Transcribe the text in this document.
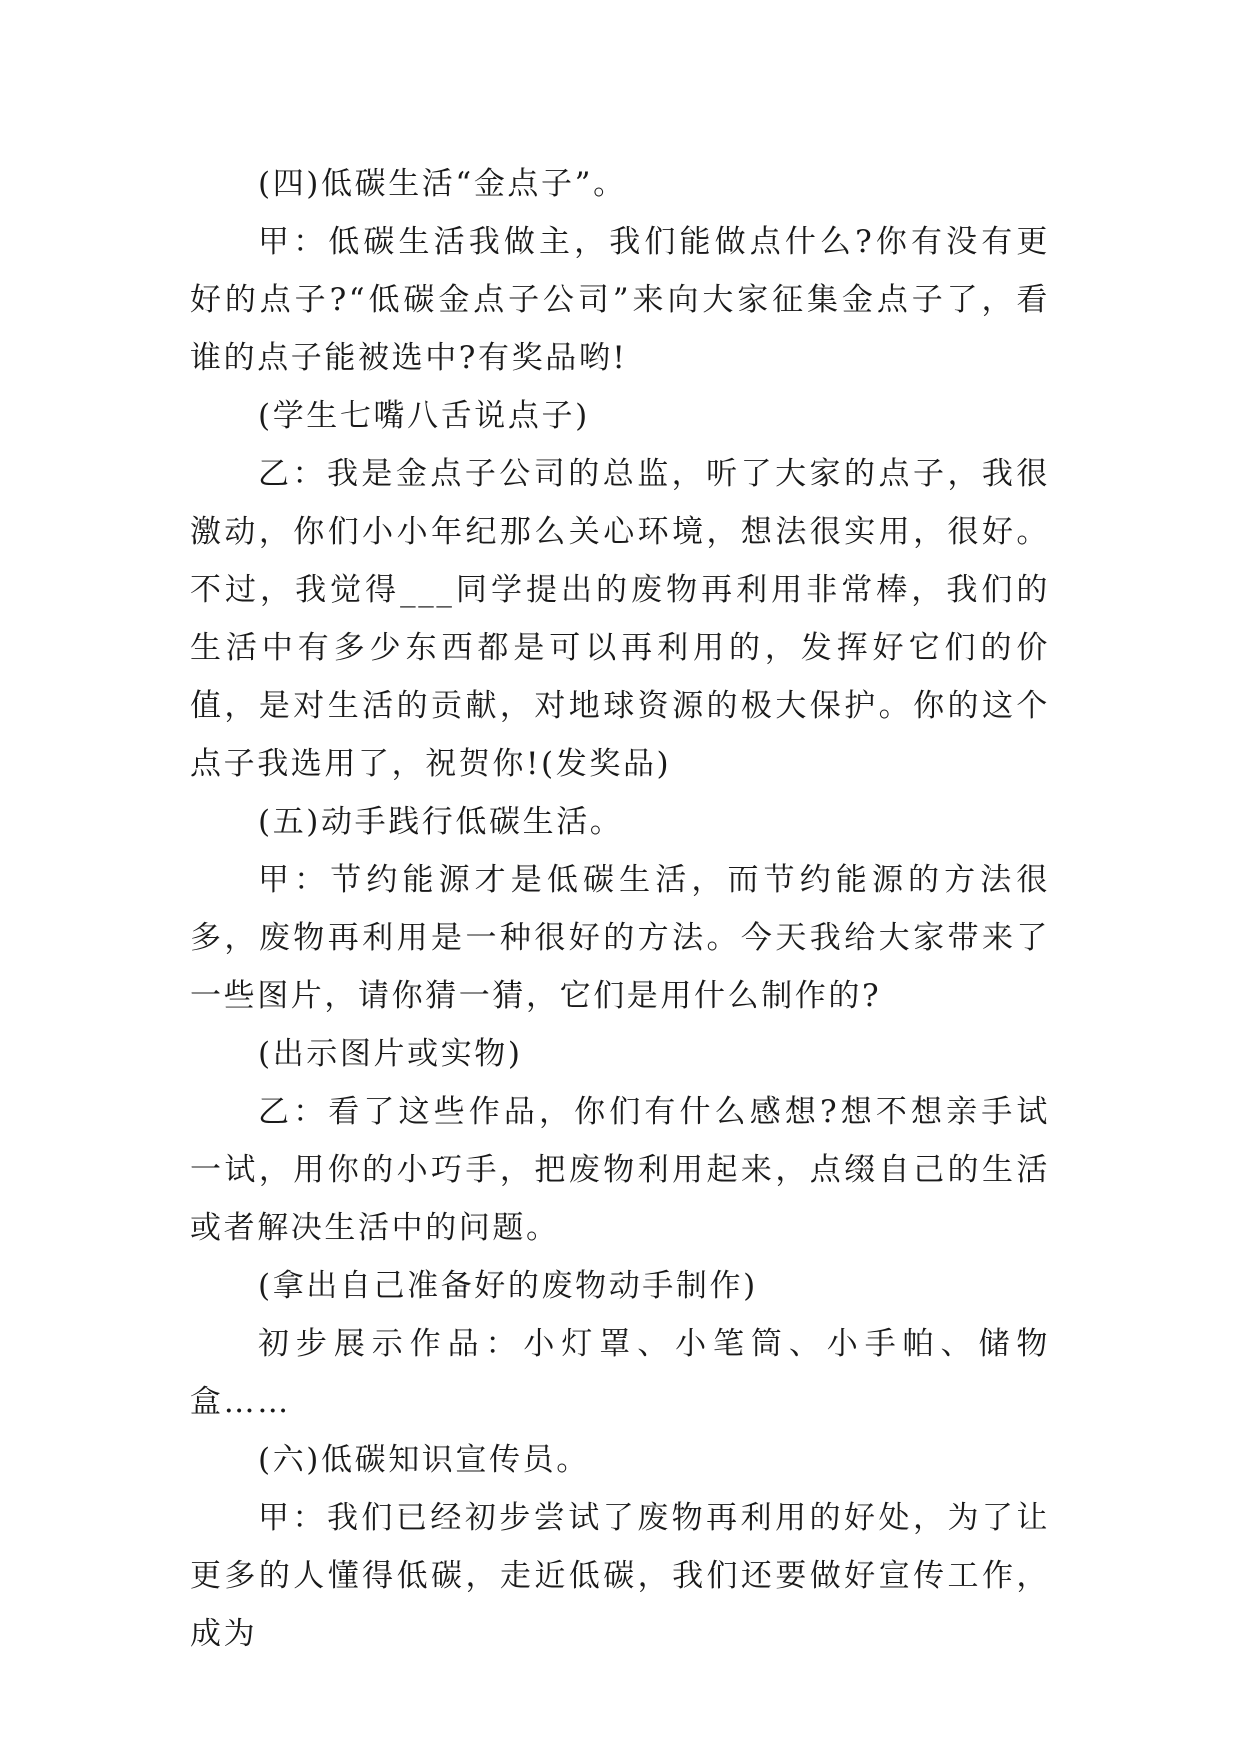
(四)低碳生活“金点子”。

甲：低碳生活我做主，我们能做点什么?你有没有更好的点子?“低碳金点子公司”来向大家征集金点子了，看谁的点子能被选中?有奖品哟!

(学生七嘴八舌说点子)

乙：我是金点子公司的总监，听了大家的点子，我很激动，你们小小年纪那么关心环境，想法很实用，很好。不过，我觉得___同学提出的废物再利用非常棒，我们的生活中有多少东西都是可以再利用的，发挥好它们的价值，是对生活的贡献，对地球资源的极大保护。你的这个点子我选用了，祝贺你!(发奖品)

(五)动手践行低碳生活。

甲：节约能源才是低碳生活，而节约能源的方法很多，废物再利用是一种很好的方法。今天我给大家带来了一些图片，请你猜一猜，它们是用什么制作的?

(出示图片或实物)

乙：看了这些作品，你们有什么感想?想不想亲手试一试，用你的小巧手，把废物利用起来，点缀自己的生活或者解决生活中的问题。

(拿出自己准备好的废物动手制作)

初步展示作品：小灯罩、小笔筒、小手帕、储物盒……

(六)低碳知识宣传员。

甲：我们已经初步尝试了废物再利用的好处，为了让更多的人懂得低碳，走近低碳，我们还要做好宣传工作，成为
